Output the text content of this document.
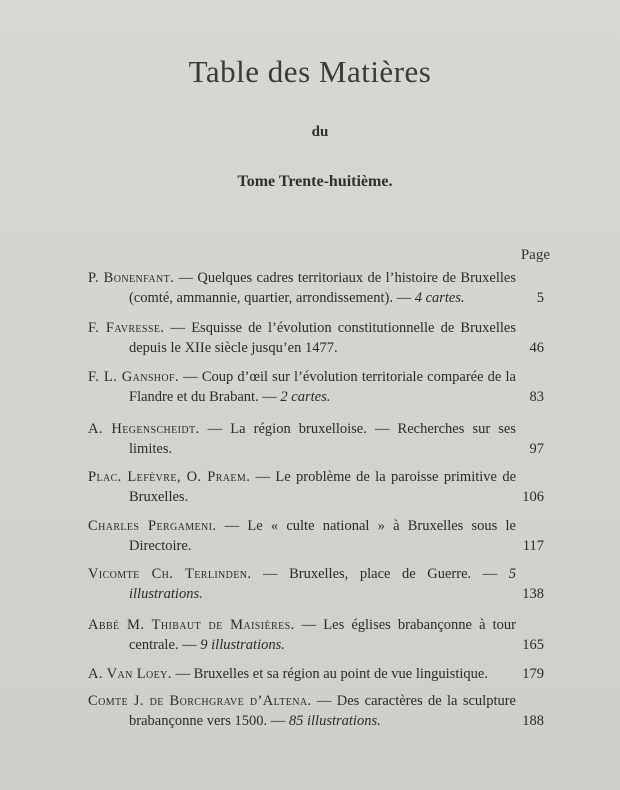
Table des Matières
du
Tome Trente-huitième.
Page
P. Bonenfant. — Quelques cadres territoriaux de l’histoire de Bruxelles (comté, ammannie, quartier, arrondissement). — 4 cartes.	5
F. Favresse. — Esquisse de l’évolution constitutionnelle de Bruxelles depuis le XIIe siècle jusqu’en 1477.	46
F. L. Ganshof. — Coup d’œil sur l’évolution territoriale comparée de la Flandre et du Brabant. — 2 cartes.	83
A. Hegenscheidt. — La région bruxelloise. — Recherches sur ses limites.	97
Plac. Lefèvre, O. Praem. — Le problème de la paroisse primitive de Bruxelles.	106
Charles Pergameni. — Le « culte national » à Bruxelles sous le Directoire.	117
Vicomte Ch. Terlinden. — Bruxelles, place de Guerre. — 5 illustrations.	138
Abbé M. Thibaut de Maisières. — Les églises brabançonne à tour centrale. — 9 illustrations.	165
A. Van Loey. — Bruxelles et sa région au point de vue linguistique.	179
Comte J. de Borchgrave d’Altena. — Des caractères de la sculpture brabançonne vers 1500. — 85 illustrations.	188
